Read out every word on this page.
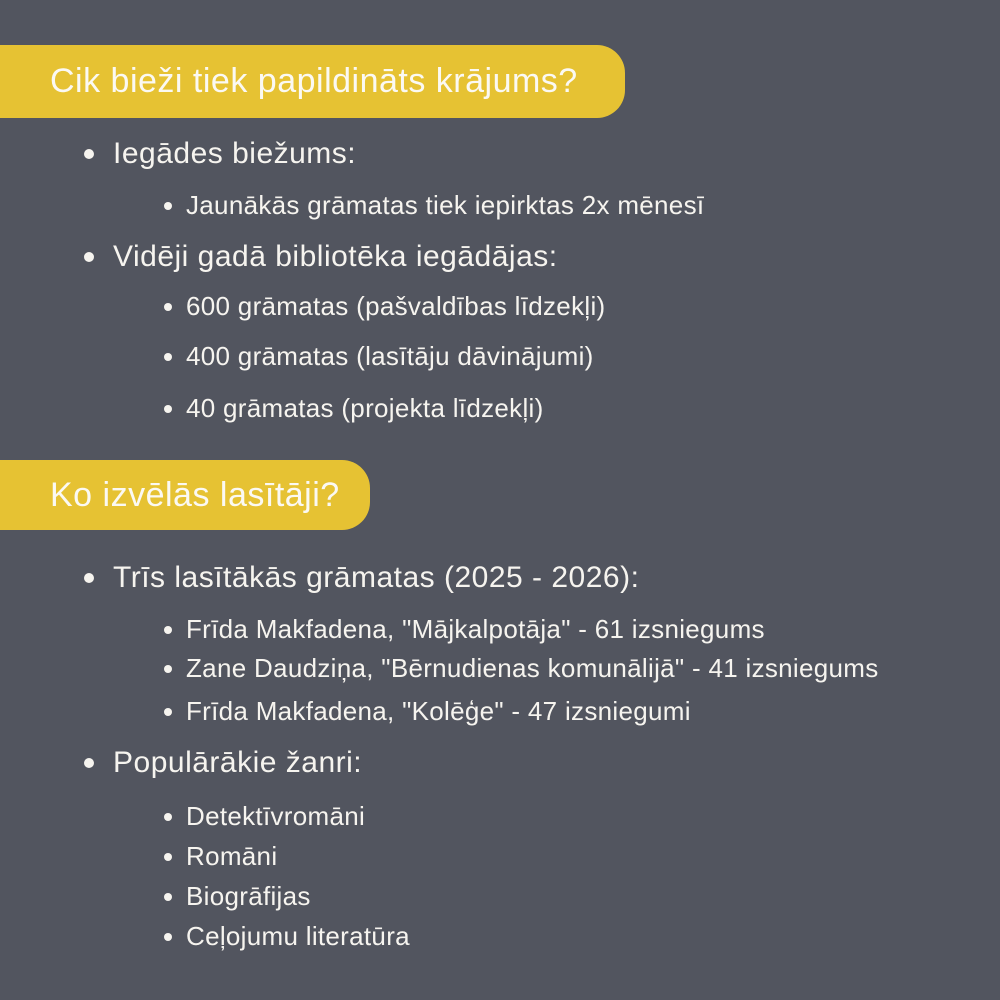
Cik bieži tiek papildināts krājums?
Iegādes biežums:
Jaunākās grāmatas tiek iepirktas 2x mēnesī
Vidēji gadā bibliotēka iegādājas:
600 grāmatas (pašvaldības līdzekļi)
400 grāmatas (lasītāju dāvinājumi)
40 grāmatas (projekta līdzekļi)
Ko izvēlās lasītāji?
Trīs lasītākās grāmatas (2025 - 2026):
Frīda Makfadena, "Mājkalpotāja" - 61 izsniegums
Zane Daudziņa, "Bērnudienas komunālijā" - 41 izsniegums
Frīda Makfadena, "Kolēģe" - 47 izsniegumi
Populārākie žanri:
Detektīvromāni
Romāni
Biogrāfijas
Ceļojumu literatūra
